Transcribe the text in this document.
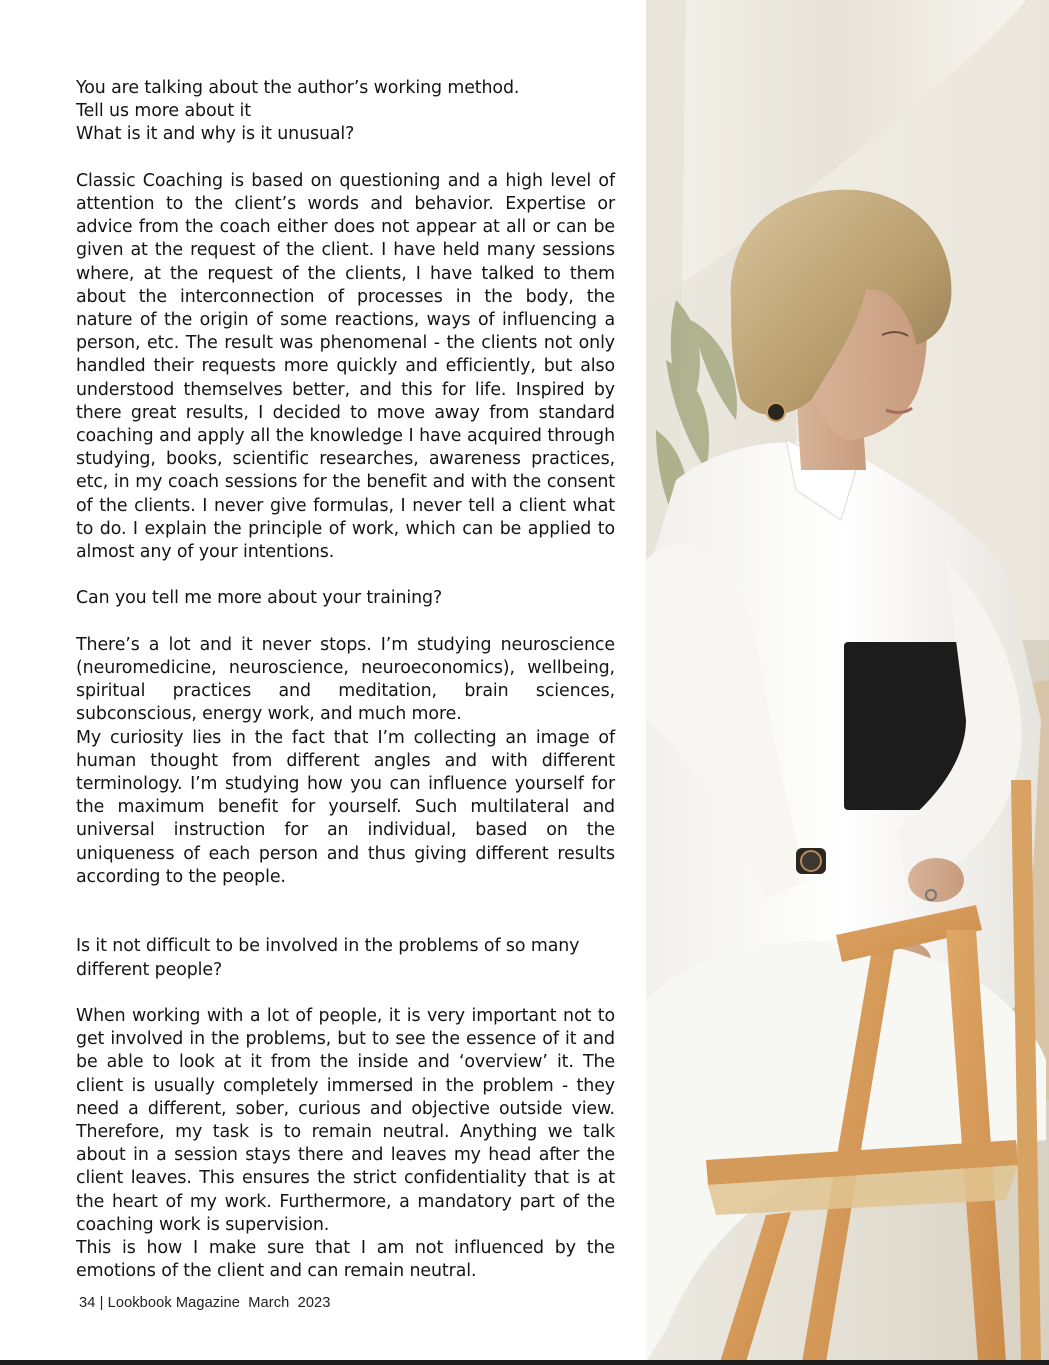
You are talking about the author’s working method.

Tell us more about it

What is it and why is it unusual?

Classic Coaching is based on questioning and a high level of attention to the client’s words and behavior. Expertise or advice from the coach either does not appear at all or can be given at the request of the client. I have held many sessions where, at the request of the clients, I have talked to them about the interconnection of processes in the body, the nature of the origin of some reactions, ways of influencing a person, etc. The result was phenomenal - the clients not only handled their requests more quickly and efficiently, but also understood themselves better, and this for life. Inspired by there great results, I decided to move away from standard coaching and apply all the knowledge I have acquired through studying, books, scientific researches, awareness practices, etc, in my coach sessions for the benefit and with the consent of the clients. I never give formulas, I never tell a client what to do. I explain the principle of work, which can be applied to almost any of your intentions.

Can you tell me more about your training?

There’s a lot and it never stops. I’m studying neuroscience (neuromedicine, neuroscience, neuroeconomics), wellbeing, spiritual practices and meditation, brain sciences, subconscious, energy work, and much more.

My curiosity lies in the fact that I’m collecting an image of human thought from different angles and with different terminology. I’m studying how you can influence yourself for the maximum benefit for yourself. Such multilateral and universal instruction for an individual, based on the uniqueness of each person and thus giving different results according to the people.

Is it not difficult to be involved in the problems of so many

different people?

When working with a lot of people, it is very important not to get involved in the problems, but to see the essence of it and be able to look at it from the inside and ‘overview’ it. The client is usually completely immersed in the problem - they need a different, sober, curious and objective outside view. Therefore, my task is to remain neutral. Anything we talk about in a session stays there and leaves my head after the client leaves. This ensures the strict confidentiality that is at the heart of my work. Furthermore, a mandatory part of the coaching work is supervision.

This is how I make sure that I am not influenced by the emotions of the client and can remain neutral.

34 | Lookbook Magazine  March  2023
